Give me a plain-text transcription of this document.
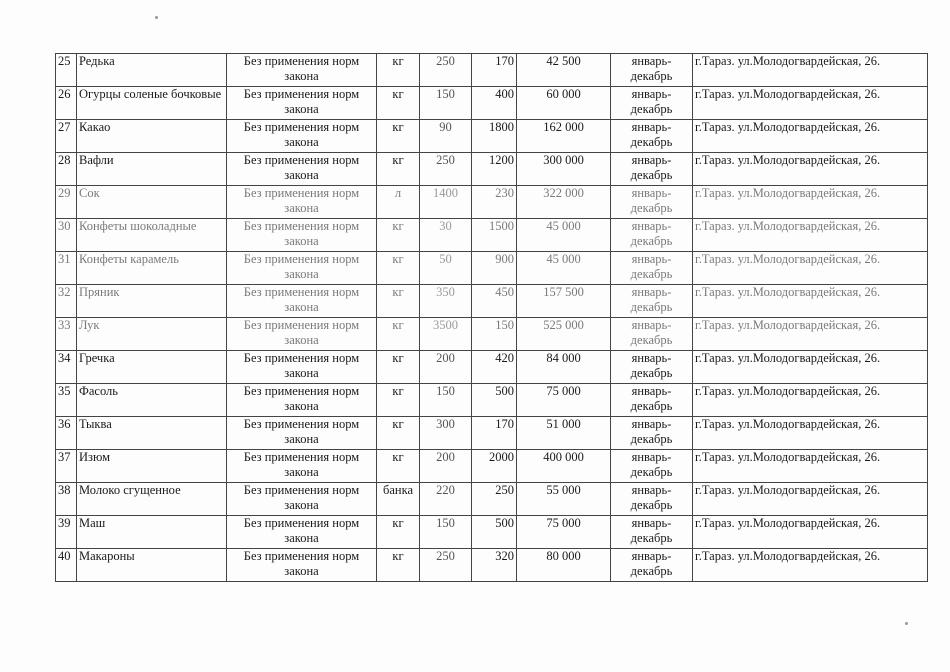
25	Редька	Без применения норм закона	кг	250	170	42 500	январь-декабрь	г.Тараз. ул.Молодогвардейская, 26.
26	Огурцы соленые бочковые	Без применения норм закона	кг	150	400	60 000	январь-декабрь	г.Тараз. ул.Молодогвардейская, 26.
27	Какао	Без применения норм закона	кг	90	1800	162 000	январь-декабрь	г.Тараз. ул.Молодогвардейская, 26.
28	Вафли	Без применения норм закона	кг	250	1200	300 000	январь-декабрь	г.Тараз. ул.Молодогвардейская, 26.
29	Сок	Без применения норм закона	л	1400	230	322 000	январь-декабрь	г.Тараз. ул.Молодогвардейская, 26.
30	Конфеты шоколадные	Без применения норм закона	кг	30	1500	45 000	январь-декабрь	г.Тараз. ул.Молодогвардейская, 26.
31	Конфеты карамель	Без применения норм закона	кг	50	900	45 000	январь-декабрь	г.Тараз. ул.Молодогвардейская, 26.
32	Пряник	Без применения норм закона	кг	350	450	157 500	январь-декабрь	г.Тараз. ул.Молодогвардейская, 26.
33	Лук	Без применения норм закона	кг	3500	150	525 000	январь-декабрь	г.Тараз. ул.Молодогвардейская, 26.
34	Гречка	Без применения норм закона	кг	200	420	84 000	январь-декабрь	г.Тараз. ул.Молодогвардейская, 26.
35	Фасоль	Без применения норм закона	кг	150	500	75 000	январь-декабрь	г.Тараз. ул.Молодогвардейская, 26.
36	Тыква	Без применения норм закона	кг	300	170	51 000	январь-декабрь	г.Тараз. ул.Молодогвардейская, 26.
37	Изюм	Без применения норм закона	кг	200	2000	400 000	январь-декабрь	г.Тараз. ул.Молодогвардейская, 26.
38	Молоко сгущенное	Без применения норм закона	банка	220	250	55 000	январь-декабрь	г.Тараз. ул.Молодогвардейская, 26.
39	Маш	Без применения норм закона	кг	150	500	75 000	январь-декабрь	г.Тараз. ул.Молодогвардейская, 26.
40	Макароны	Без применения норм закона	кг	250	320	80 000	январь-декабрь	г.Тараз. ул.Молодогвардейская, 26.
